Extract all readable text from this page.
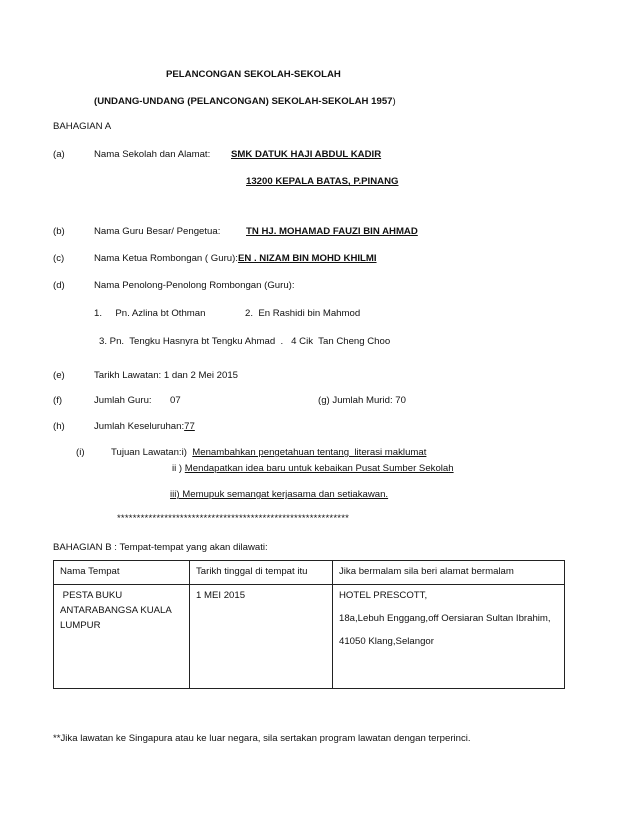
PELANCONGAN SEKOLAH-SEKOLAH
(UNDANG-UNDANG (PELANCONGAN) SEKOLAH-SEKOLAH 1957)
BAHAGIAN A
(a)	Nama Sekolah dan Alamat: SMK DATUK HAJI ABDUL KADIR
13200 KEPALA BATAS, P.PINANG
(b)	Nama Guru Besar/ Pengetua:	TN HJ. MOHAMAD FAUZI BIN AHMAD
(c)	Nama Ketua Rombongan ( Guru):EN . NIZAM BIN MOHD KHILMI
(d)	Nama Penolong-Penolong Rombongan (Guru):
1.     Pn. Azlina bt Othman	2.  En Rashidi bin Mahmod
3. Pn.  Tengku Hasnyra bt Tengku Ahmad  .   4 Cik  Tan Cheng Choo
(e)	Tarikh Lawatan: 1 dan 2 Mei 2015
(f)	Jumlah Guru: 07	(g) Jumlah Murid: 70
(h)	Jumlah Keseluruhan:77
(i)	Tujuan Lawatan:i)  Menambahkan pengetahuan tentang  literasi maklumat
ii ) Mendapatkan idea baru untuk kebaikan Pusat Sumber Sekolah
iii) Memupuk semangat kerjasama dan setiakawan.
***********************************************************
BAHAGIAN B : Tempat-tempat yang akan dilawati:
Nama Tempat	Tarikh tinggal di tempat itu	Jika bermalam sila beri alamat bermalam
PESTA BUKU ANTARABANGSA KUALA LUMPUR	1 MEI 2015	HOTEL PRESCOTT,
18a,Lebuh Enggang,off Oersiaran Sultan Ibrahim,
41050 Klang,Selangor
**Jika lawatan ke Singapura atau ke luar negara, sila sertakan program lawatan dengan terperinci.
